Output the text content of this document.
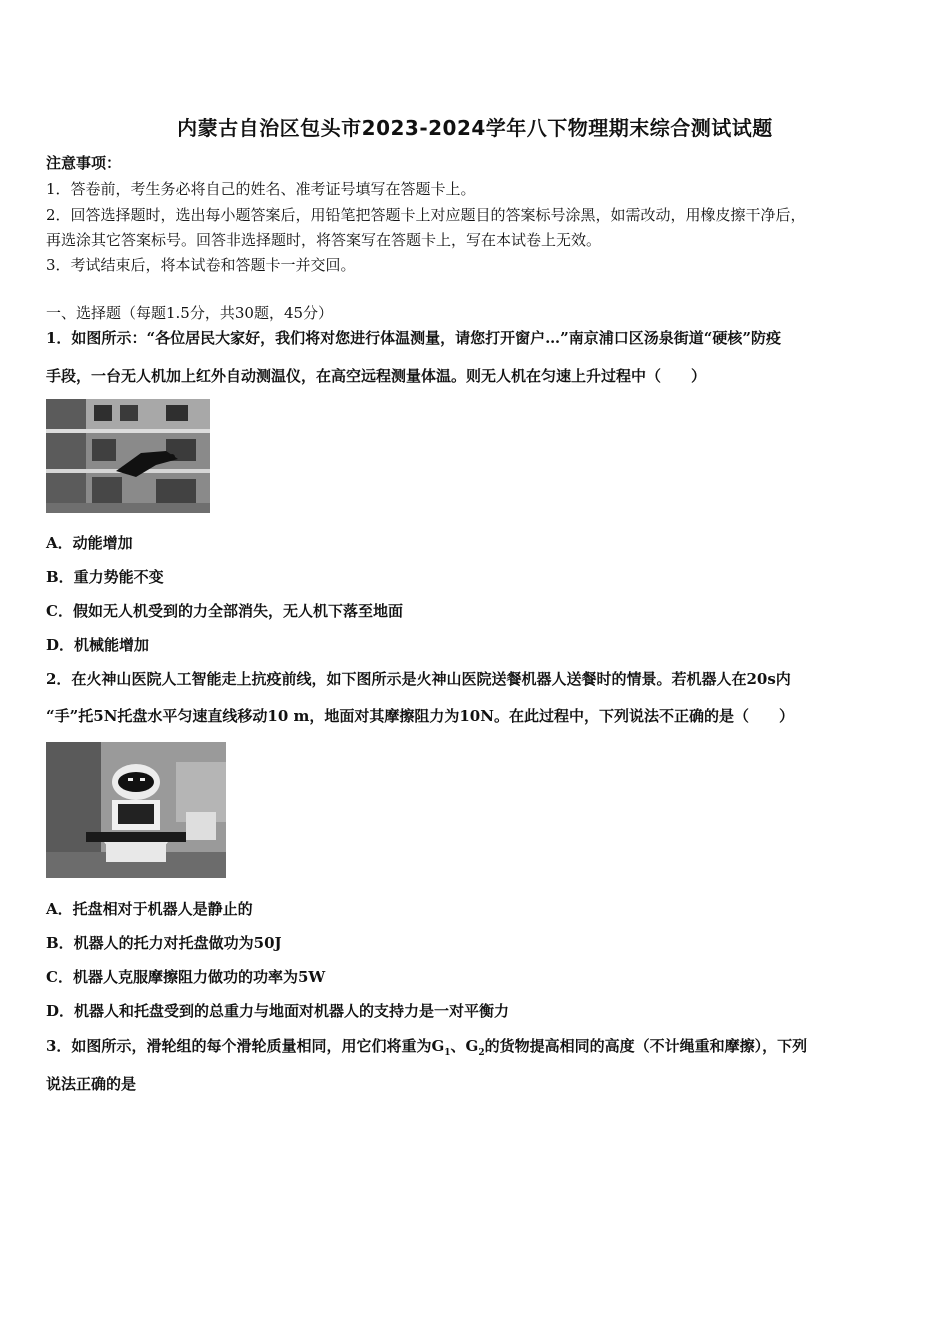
内蒙古自治区包头市2023-2024学年八下物理期末综合测试试题
注意事项：
1．答卷前，考生务必将自己的姓名、准考证号填写在答题卡上。
2．回答选择题时，选出每小题答案后，用铅笔把答题卡上对应题目的答案标号涂黑，如需改动，用橡皮擦干净后，
再选涂其它答案标号。回答非选择题时，将答案写在答题卡上，写在本试卷上无效。
3．考试结束后，将本试卷和答题卡一并交回。
一、选择题（每题1.5分，共30题，45分）
1．如图所示：“各位居民大家好，我们将对您进行体温测量，请您打开窗户…”南京浦口区汤泉街道“硬核”防疫
手段，一台无人机加上红外自动测温仪，在高空远程测量体温。则无人机在匀速上升过程中（　　）
A．动能增加
B．重力势能不变
C．假如无人机受到的力全部消失，无人机下落至地面
D．机械能增加
2．在火神山医院人工智能走上抗疫前线，如下图所示是火神山医院送餐机器人送餐时的情景。若机器人在20s内
“手”托5N托盘水平匀速直线移动10 m，地面对其摩擦阻力为10N。在此过程中，下列说法不正确的是（　　）
A．托盘相对于机器人是静止的
B．机器人的托力对托盘做功为50J
C．机器人克服摩擦阻力做功的功率为5W
D．机器人和托盘受到的总重力与地面对机器人的支持力是一对平衡力
3．如图所示，滑轮组的每个滑轮质量相同，用它们将重为$G_1$、$G_2$的货物提高相同的高度（不计绳重和摩擦），下列
说法正确的是
